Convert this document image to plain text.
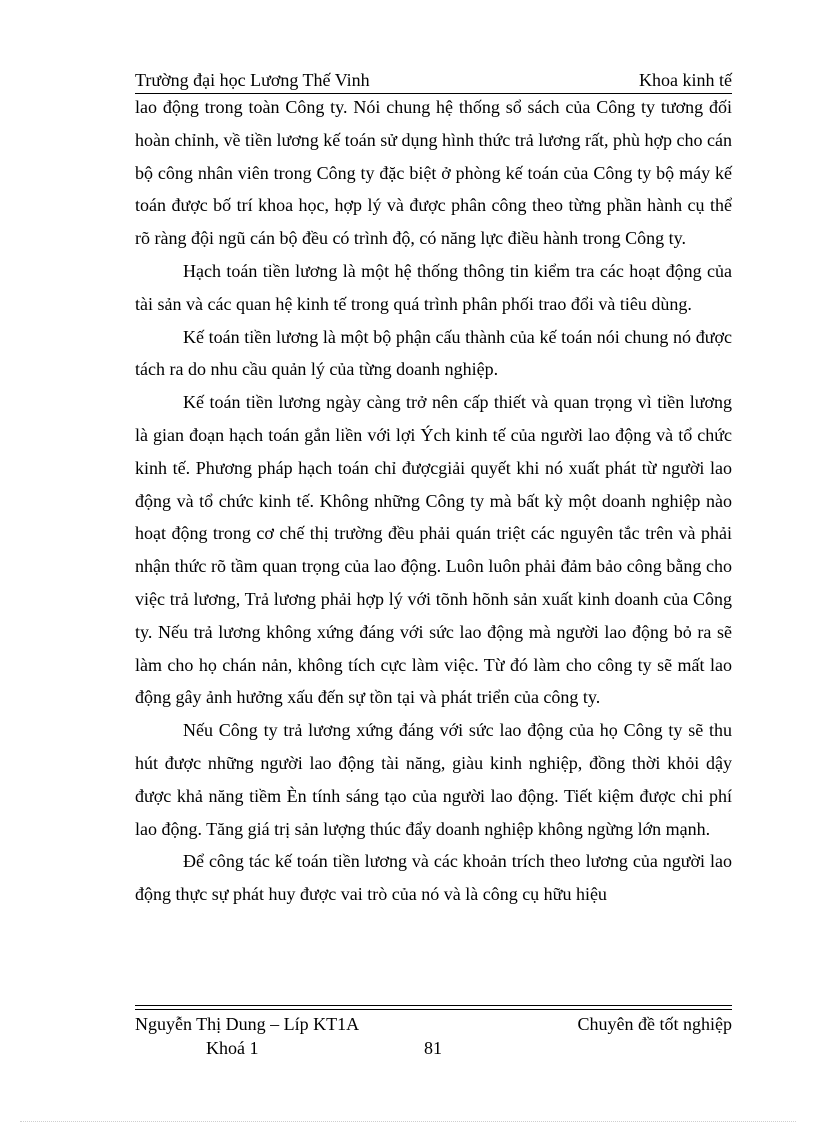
Trường đại học Lương Thế Vinh	Khoa kinh tế

lao động trong toàn Công ty. Nói chung hệ thống sổ sách của Công ty tương đối hoàn chỉnh, về tiền lương kế toán sử dụng hình thức trả lương rất, phù hợp cho cán bộ công nhân viên trong Công ty đặc biệt ở phòng kế toán của Công ty bộ máy kế toán được bố trí khoa học, hợp lý và được phân công theo từng phần hành cụ thể rõ ràng đội ngũ cán bộ đều có trình độ, có năng lực điều hành trong Công ty.

Hạch toán tiền lương là một hệ thống thông tin kiểm tra các hoạt động của tài sản và các quan hệ kinh tế trong quá trình phân phối trao đổi và tiêu dùng.

Kế toán tiền lương là một bộ phận cấu thành của kế toán nói chung nó được tách ra do nhu cầu quản lý của từng doanh nghiệp.

Kế toán tiền lương ngày càng trở nên cấp thiết và quan trọng vì tiền lương là gian đoạn hạch toán gắn liền với lợi Ých kinh tế của người lao động và tổ chức kinh tế. Phương pháp hạch toán chỉ đượcgiải quyết khi nó xuất phát từ người lao động và tổ chức kinh tế. Không những Công ty mà bất kỳ một doanh nghiệp nào hoạt động trong cơ chế thị trường đều phải quán triệt các nguyên tắc trên và phải nhận thức rõ tầm quan trọng của lao động. Luôn luôn phải đảm bảo công bằng cho việc trả lương, Trả lương phải hợp lý với tõnh hõnh sản xuất kinh doanh của Công ty. Nếu trả lương không xứng đáng với sức lao động mà người lao động bỏ ra sẽ làm cho họ chán nản, không tích cực làm việc. Từ đó làm cho công ty sẽ mất lao động gây ảnh hưởng xấu đến sự tồn tại và phát triển của công ty.

Nếu Công ty trả lương xứng đáng với sức lao động của họ Công ty sẽ thu hút được những người lao động tài năng, giàu kinh nghiệp, đồng thời khỏi dậy được khả năng tiềm Èn tính sáng tạo của người lao động. Tiết kiệm được chi phí lao động. Tăng giá trị sản lượng thúc đẩy doanh nghiệp không ngừng lớn mạnh.

Để công tác kế toán tiền lương và các khoản trích theo lương của người lao động thực sự phát huy được vai trò của nó và là công cụ hữu hiệu

Nguyễn Thị Dung – Líp KT1A	Chuyên đề tốt nghiệp
Khoá 1	81
